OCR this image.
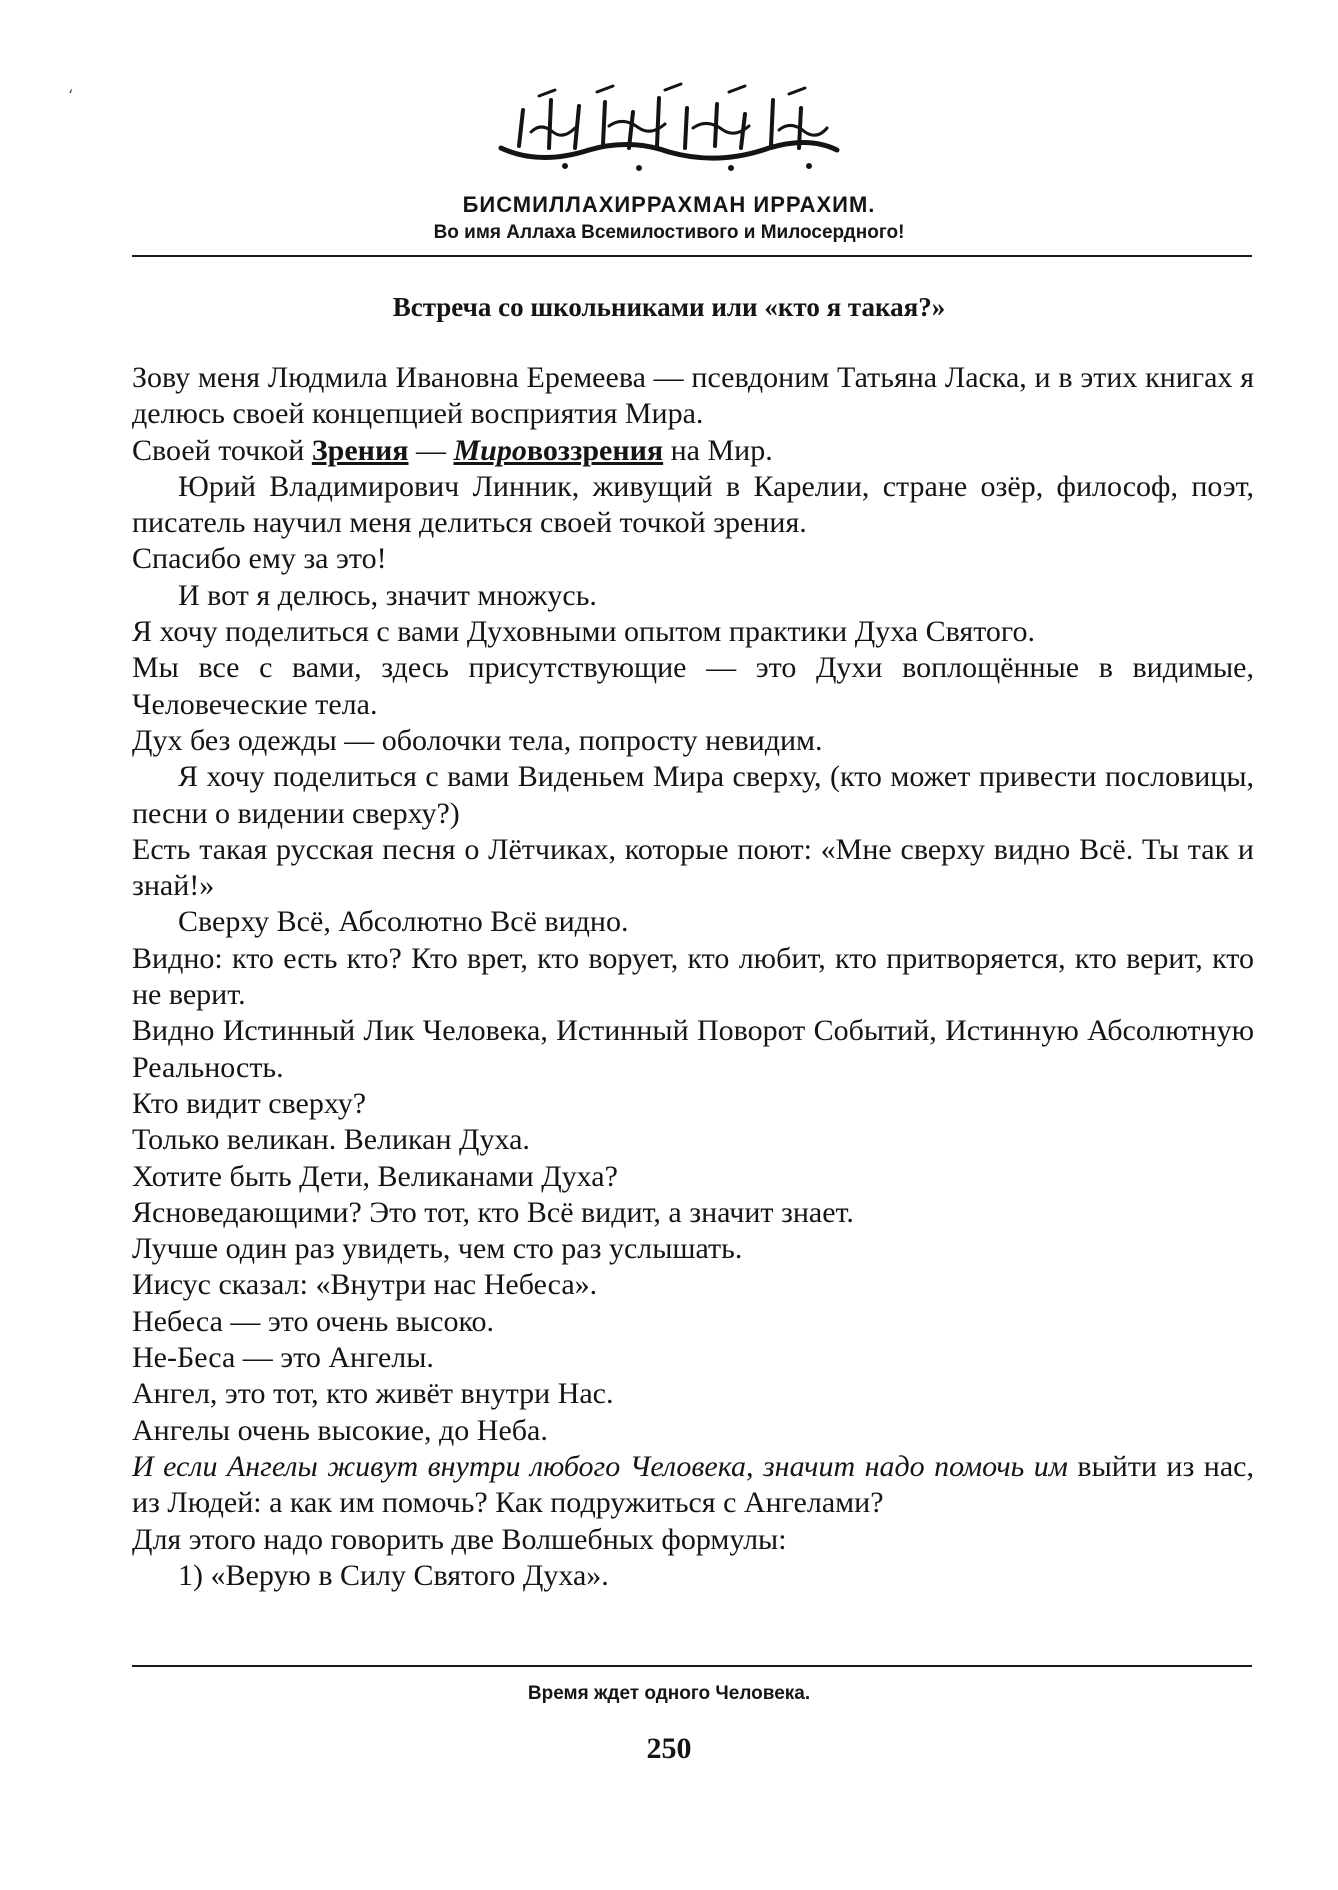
‘
БИСМИЛЛАХИРРАХМАН ИРРАХИМ.
Во имя Аллаха Всемилостивого и Милосердного!
Встреча со школьниками или «кто я такая?»

Зову меня Людмила Ивановна Еремеева — псевдоним Татьяна Ласка, и в этих книгах я делюсь своей концепцией восприятия Мира.

Своей точкой Зрения — Мировоззрения на Мир.

Юрий Владимирович Линник, живущий в Карелии, стране озёр, философ, поэт, писатель научил меня делиться своей точкой зрения.

Спасибо ему за это!

И вот я делюсь, значит множусь.

Я хочу поделиться с вами Духовными опытом практики Духа Святого.

Мы все с вами, здесь присутствующие — это Духи воплощённые в видимые, Человеческие тела.

Дух без одежды — оболочки тела, попросту невидим.

Я хочу поделиться с вами Виденьем Мира сверху, (кто может привести пословицы, песни о видении сверху?)

Есть такая русская песня о Лётчиках, которые поют: «Мне сверху видно Всё. Ты так и знай!»

Сверху Всё, Абсолютно Всё видно.

Видно: кто есть кто? Кто врет, кто ворует, кто любит, кто притворяется, кто верит, кто не верит.

Видно Истинный Лик Человека, Истинный Поворот Событий, Истинную Абсолютную Реальность.

Кто видит сверху?

Только великан. Великан Духа.

Хотите быть Дети, Великанами Духа?

Ясноведающими? Это тот, кто Всё видит, а значит знает.

Лучше один раз увидеть, чем сто раз услышать.

Иисус сказал: «Внутри нас Небеса».

Небеса — это очень высоко.

Не-Беса — это Ангелы.

Ангел, это тот, кто живёт внутри Нас.

Ангелы очень высокие, до Неба.

И если Ангелы живут внутри любого Человека, значит надо помочь им выйти из нас, из Людей: а как им помочь? Как подружиться с Ангелами?

Для этого надо говорить две Волшебных формулы:

1) «Верую в Силу Святого Духа».

Время ждет одного Человека.
250
